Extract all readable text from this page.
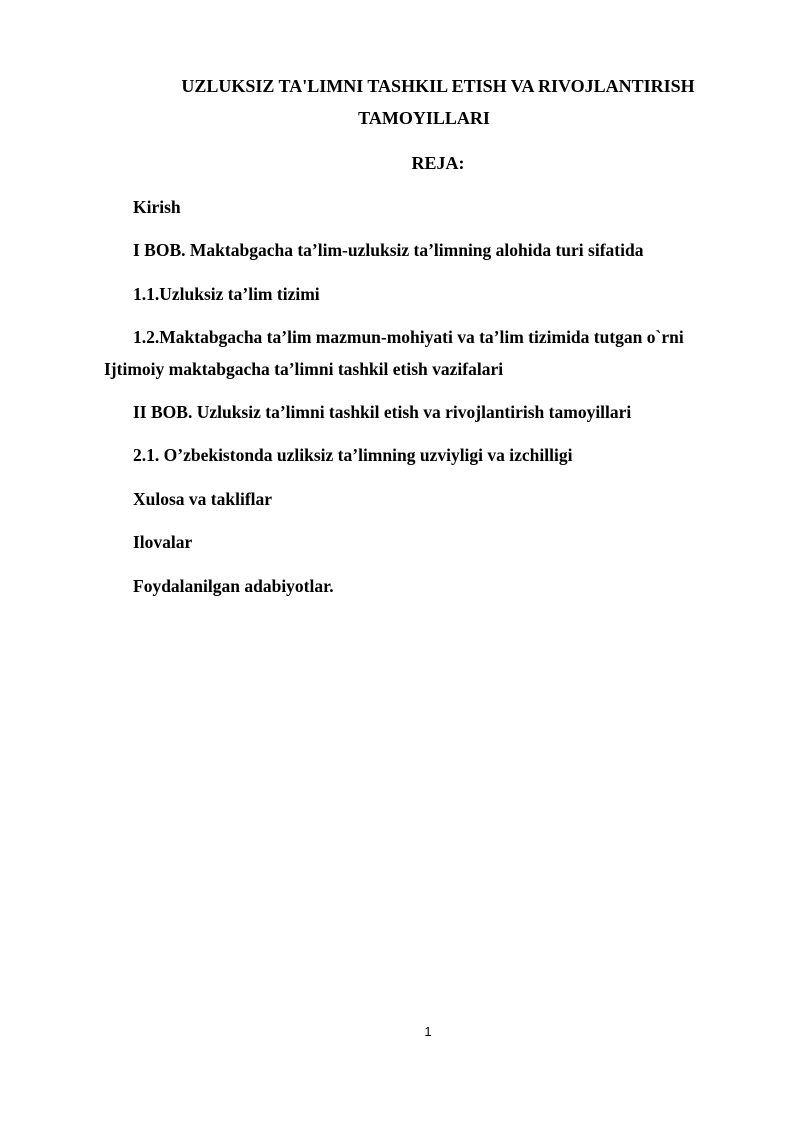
UZLUKSIZ TA'LIMNI TASHKIL ETISH VA RIVOJLANTIRISH
TAMOYILLARI
REJA:
Kirish
I BOB. Maktabgacha ta’lim-uzluksiz ta’limning alohida turi sifatida
1.1.Uzluksiz ta’lim tizimi
1.2.Maktabgacha ta’lim mazmun-mohiyati va ta’lim tizimida tutgan o`rni
Ijtimoiy maktabgacha ta’limni tashkil etish vazifalari
II BOB. Uzluksiz ta’limni tashkil etish va rivojlantirish tamoyillari
2.1. O’zbekistonda uzliksiz ta’limning uzviyligi va izchilligi
Xulosa va takliflar
Ilovalar
Foydalanilgan adabiyotlar.
1
